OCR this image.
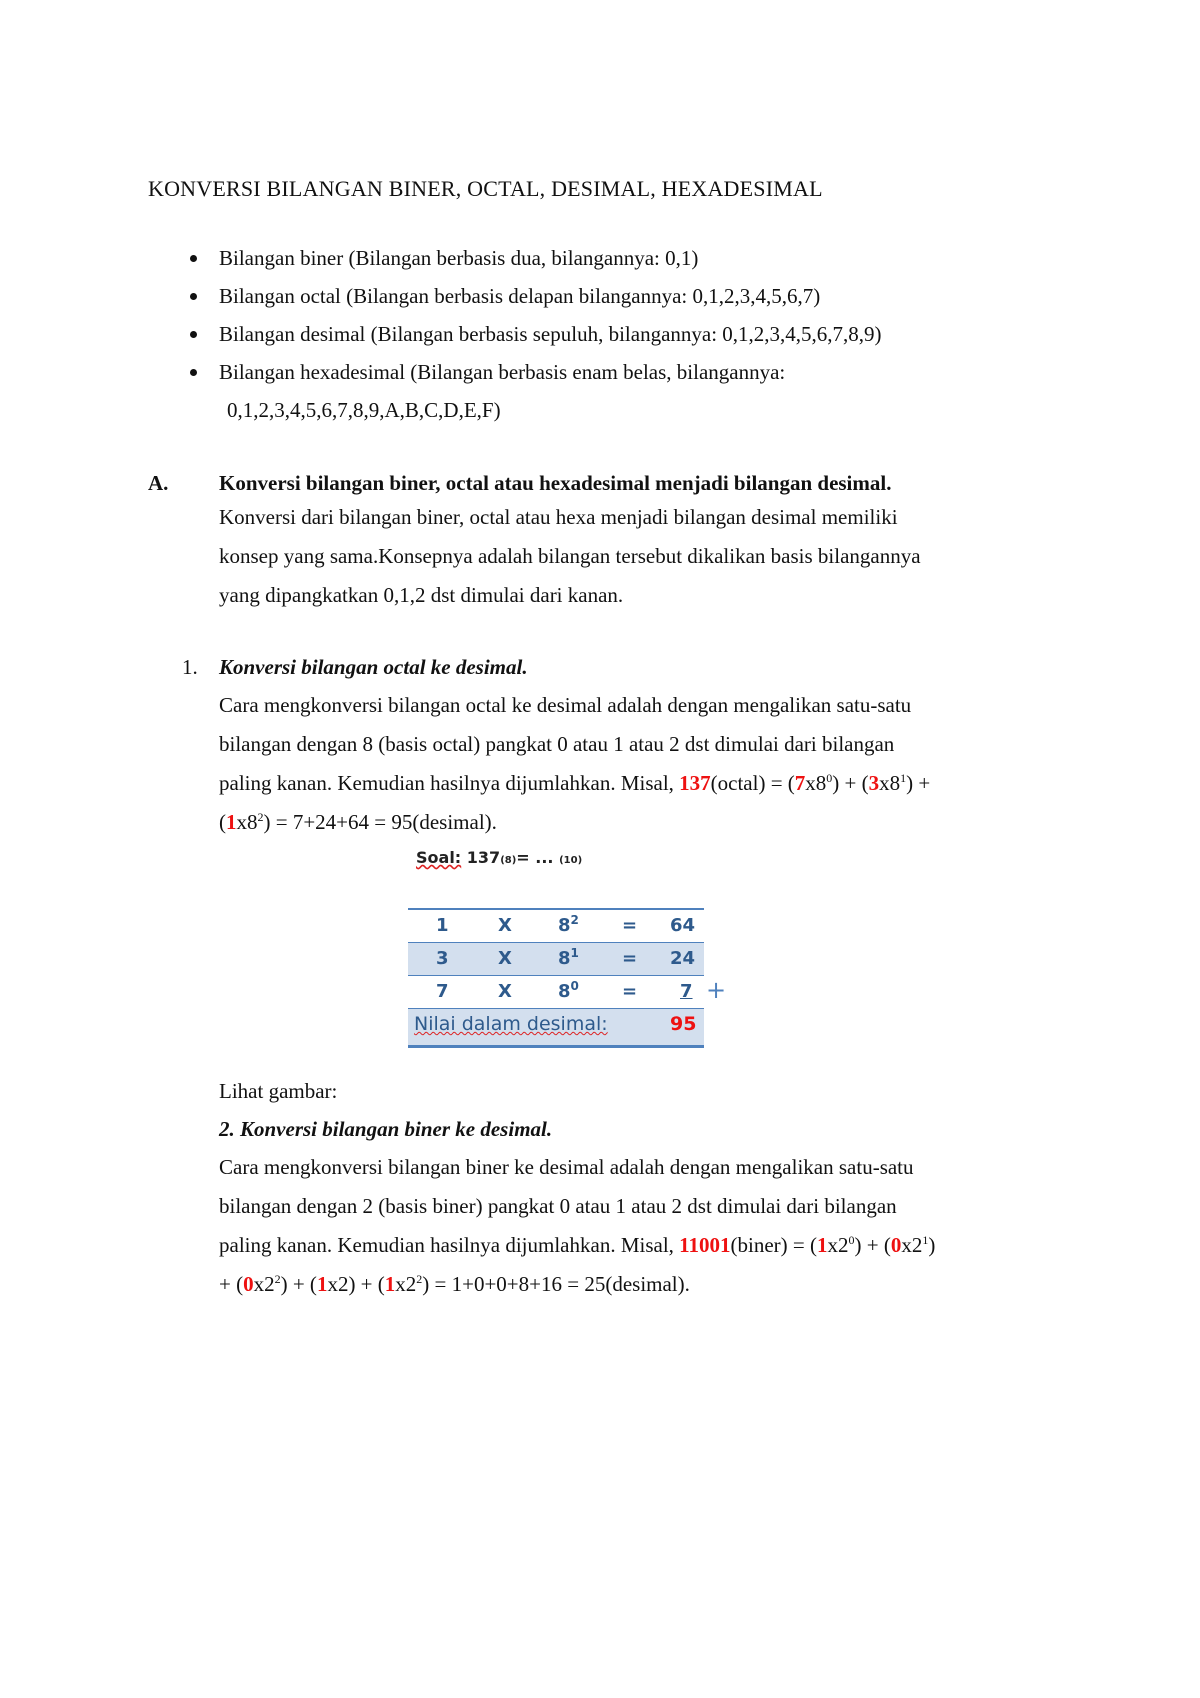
KONVERSI BILANGAN BINER, OCTAL, DESIMAL, HEXADESIMAL
Bilangan biner (Bilangan berbasis dua, bilangannya: 0,1)
Bilangan octal (Bilangan berbasis delapan bilangannya: 0,1,2,3,4,5,6,7)
Bilangan desimal (Bilangan berbasis sepuluh, bilangannya: 0,1,2,3,4,5,6,7,8,9)
Bilangan hexadesimal (Bilangan berbasis enam belas, bilangannya:
0,1,2,3,4,5,6,7,8,9,A,B,C,D,E,F)
A. Konversi bilangan biner, octal atau hexadesimal menjadi bilangan desimal.
Konversi dari bilangan biner, octal atau hexa menjadi bilangan desimal memiliki
konsep yang sama.Konsepnya adalah bilangan tersebut dikalikan basis bilangannya
yang dipangkatkan 0,1,2 dst dimulai dari kanan.
1. Konversi bilangan octal ke desimal.
Cara mengkonversi bilangan octal ke desimal adalah dengan mengalikan satu-satu
bilangan dengan 8 (basis octal) pangkat 0 atau 1 atau 2 dst dimulai dari bilangan
paling kanan. Kemudian hasilnya dijumlahkan. Misal, 137(octal) = $(7x8^0) + (3x8^1)$ +
$(1x8^2) = 7+24+64$ = 95(desimal).
Soal: 137(8)= ... (10)
1	X	$8^2 = 64$
3	X	$8^1 = 24$
7	X	$8^0 = 7$ +
Nilai dalam desimal:	95
Lihat gambar:
2. Konversi bilangan biner ke desimal.
Cara mengkonversi bilangan biner ke desimal adalah dengan mengalikan satu-satu
bilangan dengan 2 (basis biner) pangkat 0 atau 1 atau 2 dst dimulai dari bilangan
paling kanan. Kemudian hasilnya dijumlahkan. Misal, 11001(biner) = $(1x2^0) + (0x2^1)$
+ $(0x2^2) + (1x2) + (1x2^2) = 1+0+0+8+16$ = 25(desimal).
